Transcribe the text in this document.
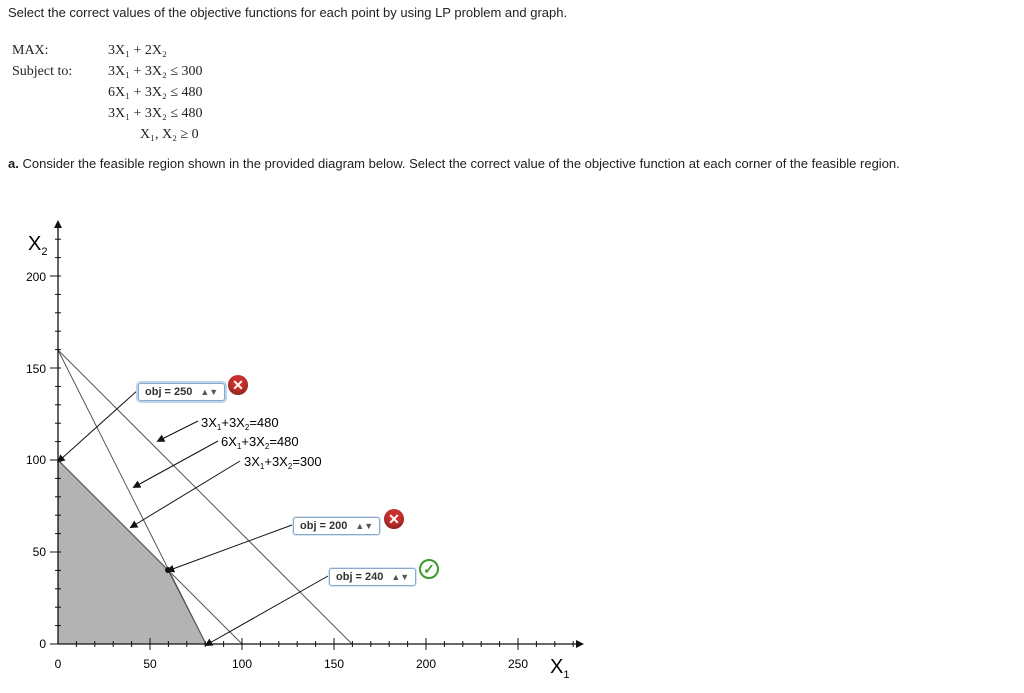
Select the correct values of the objective functions for each point by using LP problem and graph.
MAX:	3X₁ + 2X₂
Subject to:	3X₁ + 3X₂ ≤ 300
6X₁ + 3X₂ ≤ 480
3X₁ + 3X₂ ≤ 480
X₁, X₂ ≥ 0
a. Consider the feasible region shown in the provided diagram below. Select the correct value of the objective function at each corner of the feasible region.
0
50
100
150
200
0	50	100	150	200	250
$X_2$
$X_1$
$3X_1+3X_2=480$
$6X_1+3X_2=480$
$3X_1+3X_2=300$
obj = 250 ▲▼ ✕
obj = 200 ▲▼	✕
obj = 240 ▲▼ ✓
